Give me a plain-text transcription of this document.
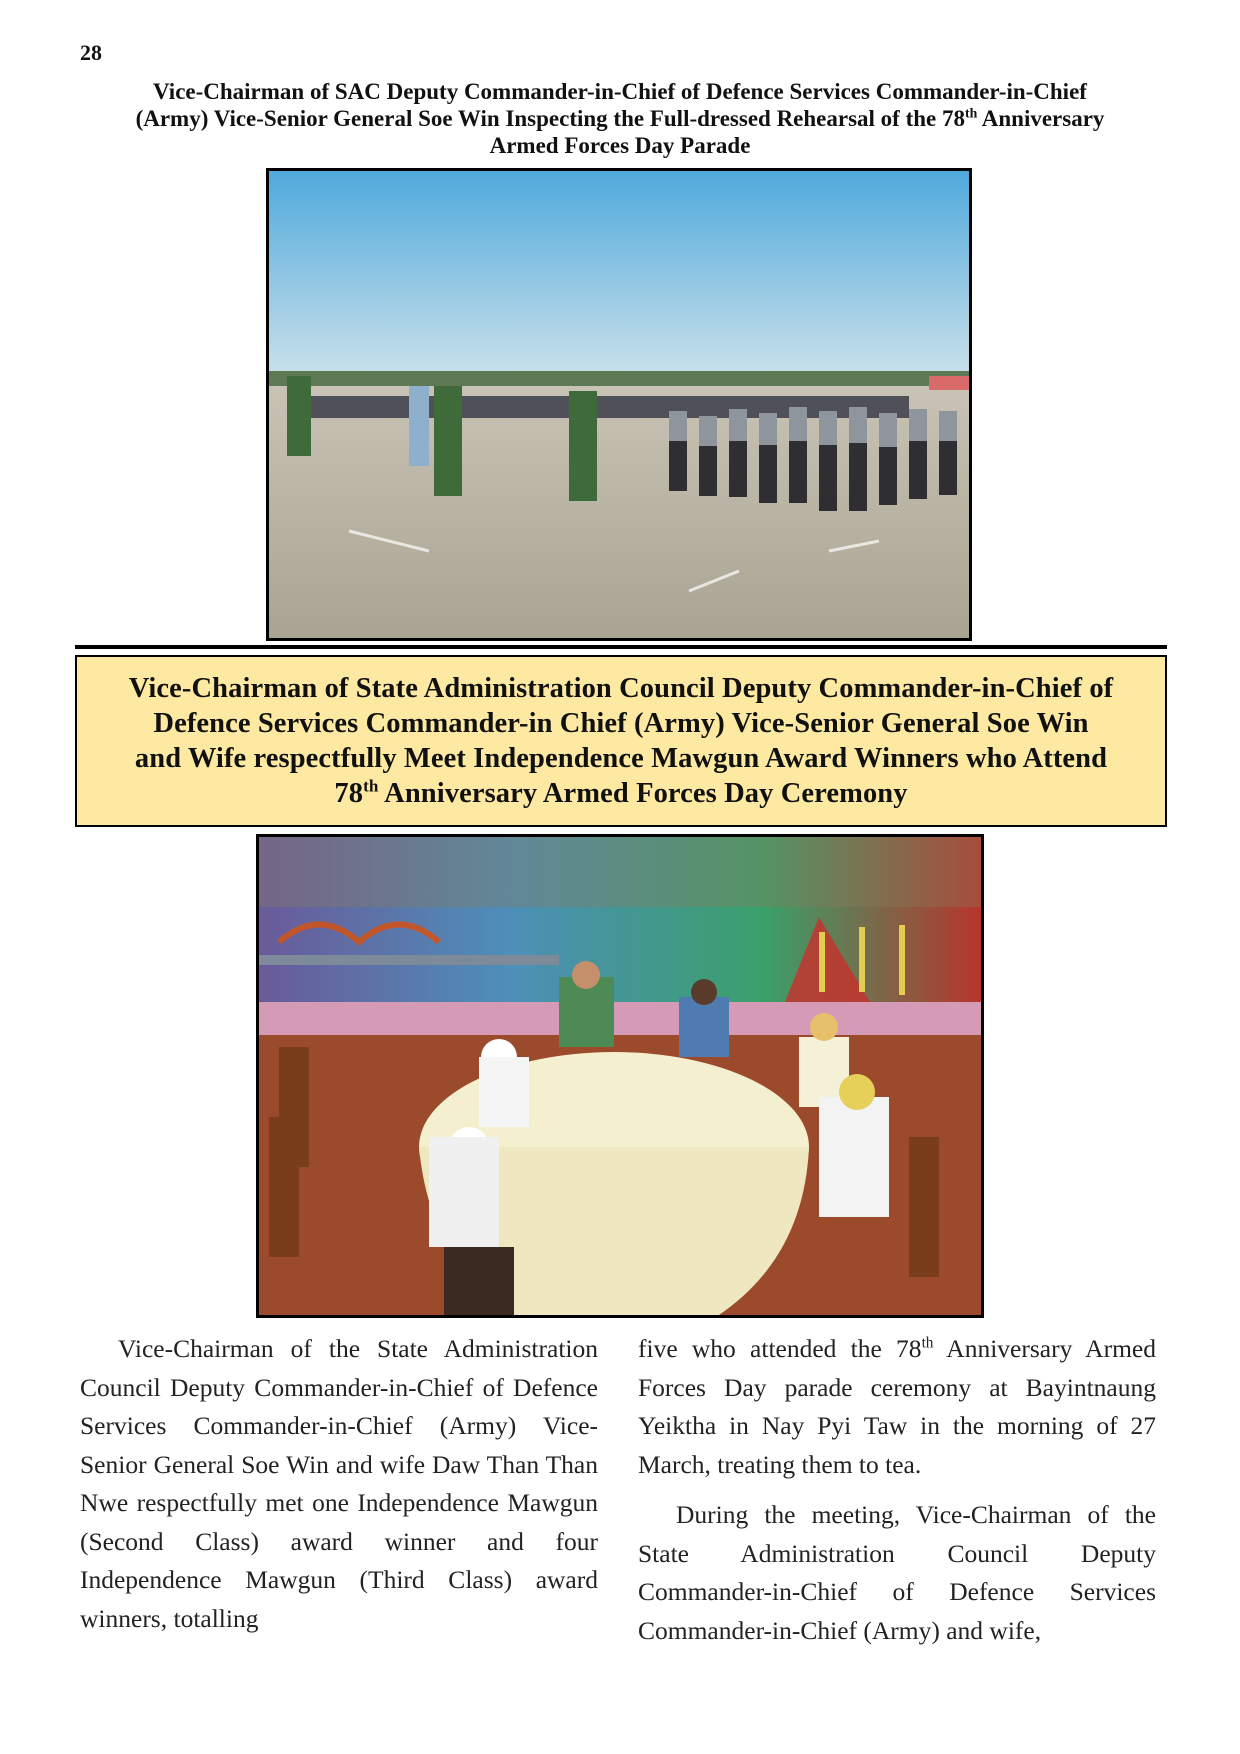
28
Vice-Chairman of SAC Deputy Commander-in-Chief of Defence Services Commander-in-Chief
(Army) Vice-Senior General Soe Win Inspecting the Full-dressed Rehearsal of the 78th Anniversary
Armed Forces Day Parade
Vice-Chairman of State Administration Council Deputy Commander-in-Chief of
Defence Services Commander-in Chief (Army) Vice-Senior General Soe Win
and Wife respectfully Meet Independence Mawgun Award Winners who Attend
78th Anniversary Armed Forces Day Ceremony

Vice-Chairman of the State Administration Council Deputy Commander-in-Chief of Defence Services Commander-in-Chief (Army) Vice-Senior General Soe Win and wife Daw Than Than Nwe respectfully met one Independence Mawgun (Second Class) award winner and four Independence Mawgun (Third Class) award winners, totalling

five who attended the 78th Anniversary Armed Forces Day parade ceremony at Bayintnaung Yeiktha in Nay Pyi Taw in the morning of 27 March, treating them to tea.

During the meeting, Vice-Chairman of the State Administration Council Deputy Commander-in-Chief of Defence Services Commander-in-Chief (Army) and wife,
